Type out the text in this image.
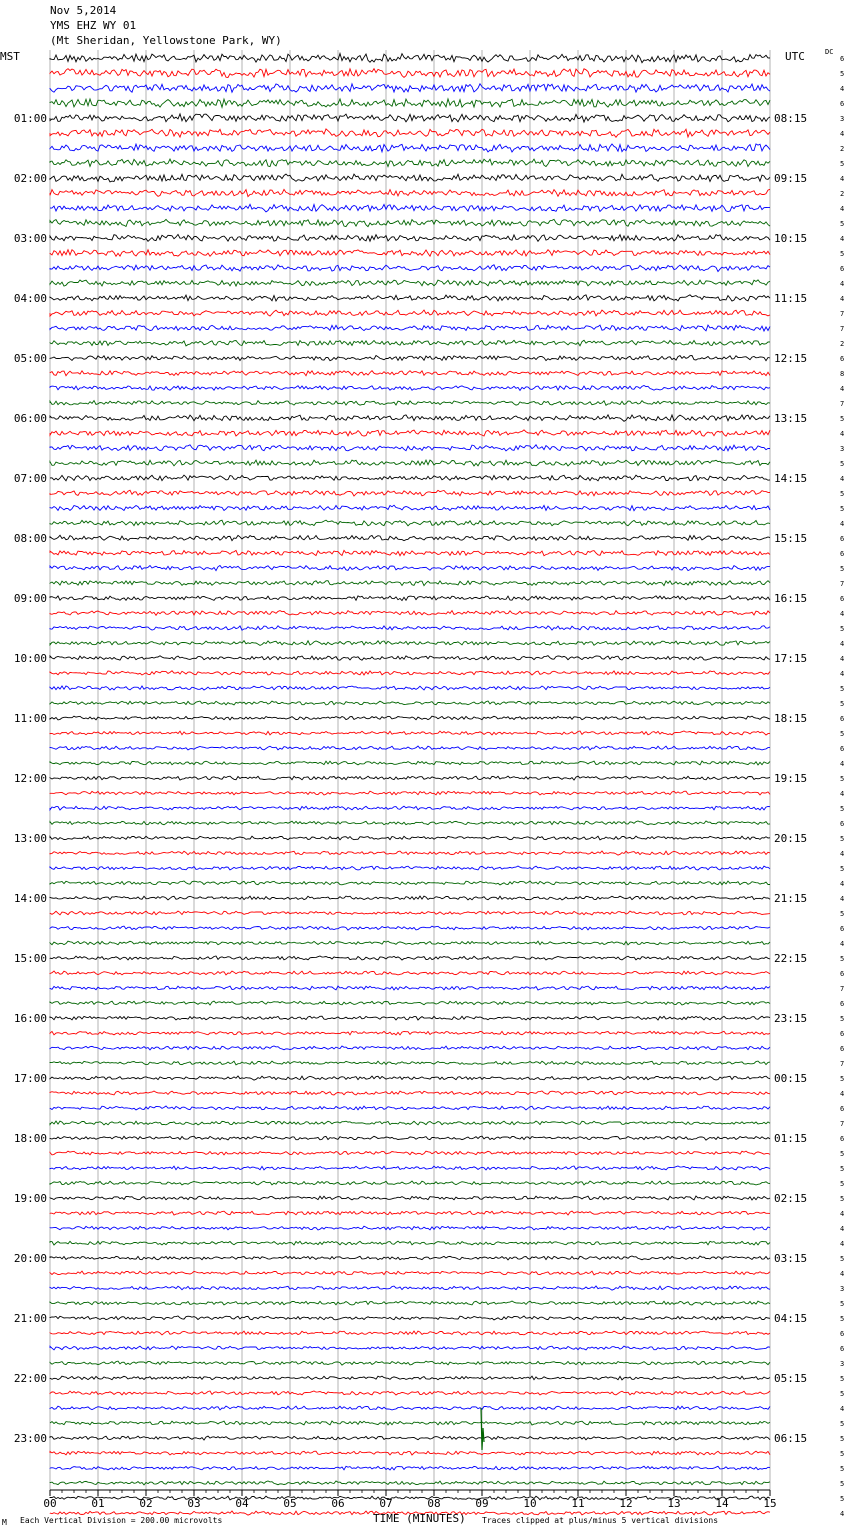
Nov 5,2014
YMS EHZ WY 01
(Mt Sheridan, Yellowstone Park, WY)
MST	UTC	DC
6
5
4
6
3
4
2
5
4
2
4
5
4
5
6
4
4
7
7
2
6
8
4
7
5
4
3
5
4
5
5
4
6
6
5
7
6
4
5
4
4
4
5
5
6
5
6
4
5
4
5
6
5
4
5
4
4
5
6
4
5
6
7
6
5
6
6
7
5
4
6
7
6
5
5
5
5
4
4
4
5
4
3
5
5
6
6
3
5
5
4
5
5
5
5
5
5
4
01:00
02:00
03:00
04:00
05:00
06:00
07:00
08:00
09:00
10:00
11:00
12:00
13:00
14:00
15:00
16:00
17:00
18:00
19:00
20:00
21:00
22:00
23:00
08:15
09:15
10:15
11:15
12:15
13:15
14:15
15:15
16:15
17:15
18:15
19:15
20:15
21:15
22:15
23:15
00:15
01:15
02:15
03:15
04:15
05:15
06:15
00	01	02	03	04	05	06	07	08	09	10	11	12	13	14	15
M Each Vertical Division = 200.00 microvolts	TIME (MINUTES) Traces clipped at plus/minus 5 vertical divisions
